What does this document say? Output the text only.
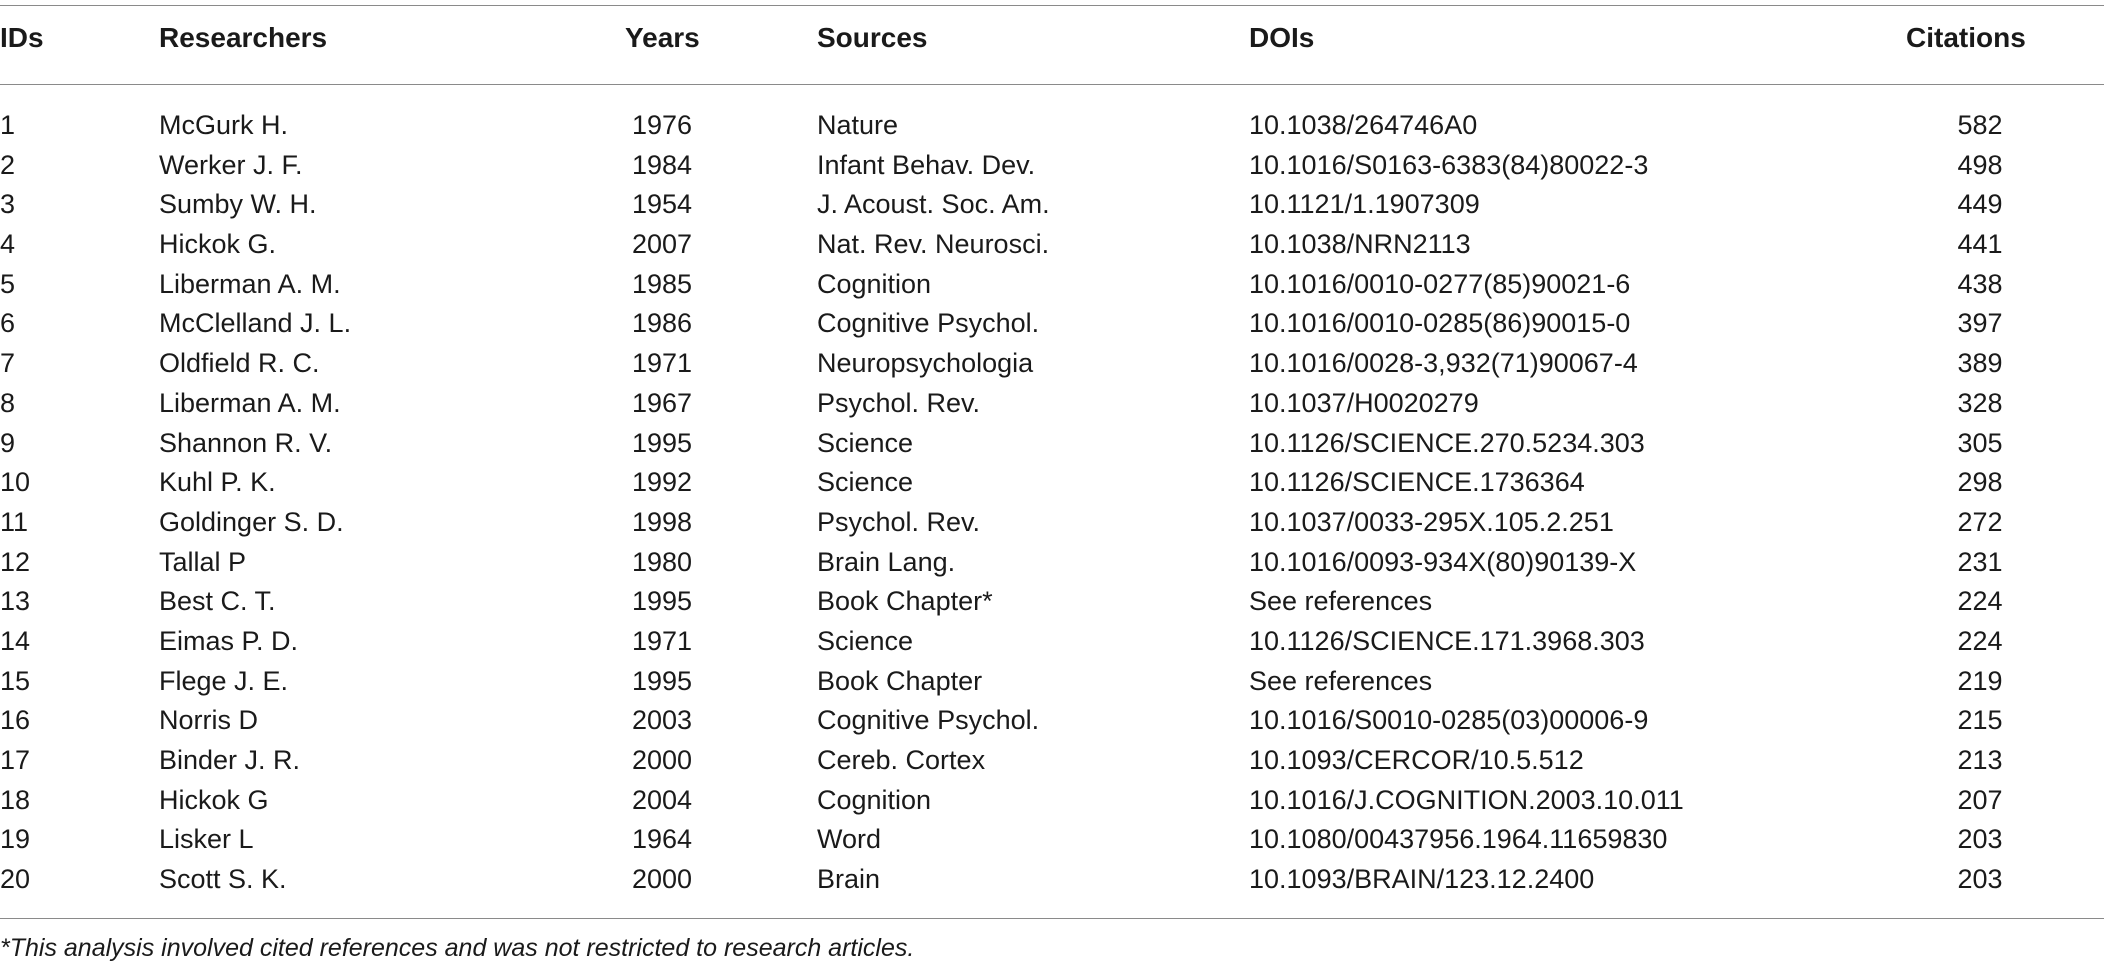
IDs	Researchers	Years	Sources	DOIs	Citations
1	McGurk H.	1976	Nature	10.1038/264746A0	582
2	Werker J. F.	1984	Infant Behav. Dev.	10.1016/S0163-6383(84)80022-3	498
3	Sumby W. H.	1954	J. Acoust. Soc. Am.	10.1121/1.1907309	449
4	Hickok G.	2007	Nat. Rev. Neurosci.	10.1038/NRN2113	441
5	Liberman A. M.	1985	Cognition	10.1016/0010-0277(85)90021-6	438
6	McClelland J. L.	1986	Cognitive Psychol.	10.1016/0010-0285(86)90015-0	397
7	Oldfield R. C.	1971	Neuropsychologia	10.1016/0028-3,932(71)90067-4	389
8	Liberman A. M.	1967	Psychol. Rev.	10.1037/H0020279	328
9	Shannon R. V.	1995	Science	10.1126/SCIENCE.270.5234.303	305
10	Kuhl P. K.	1992	Science	10.1126/SCIENCE.1736364	298
11	Goldinger S. D.	1998	Psychol. Rev.	10.1037/0033-295X.105.2.251	272
12	Tallal P	1980	Brain Lang.	10.1016/0093-934X(80)90139-X	231
13	Best C. T.	1995	Book Chapter*	See references	224
14	Eimas P. D.	1971	Science	10.1126/SCIENCE.171.3968.303	224
15	Flege J. E.	1995	Book Chapter	See references	219
16	Norris D	2003	Cognitive Psychol.	10.1016/S0010-0285(03)00006-9	215
17	Binder J. R.	2000	Cereb. Cortex	10.1093/CERCOR/10.5.512	213
18	Hickok G	2004	Cognition	10.1016/J.COGNITION.2003.10.011	207
19	Lisker L	1964	Word	10.1080/00437956.1964.11659830	203
20	Scott S. K.	2000	Brain	10.1093/BRAIN/123.12.2400	203
*This analysis involved cited references and was not restricted to research articles.
